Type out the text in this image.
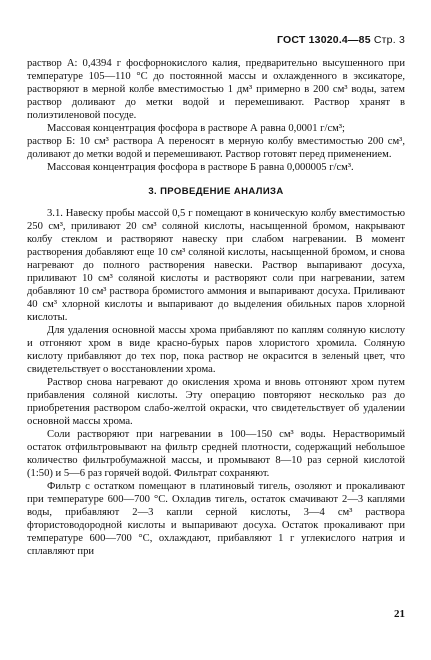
ГОСТ 13020.4—85 Стр. 3

раствор А: 0,4394 г фосфорнокислого калия, предварительно высушенного при температуре 105—110 °С до постоянной массы и охлажденного в эксикаторе, растворяют в мерной колбе вместимостью 1 дм³ примерно в 200 см³ воды, затем раствор доливают до метки водой и перемешивают. Раствор хранят в полиэтиленовой посуде.

Массовая концентрация фосфора в растворе А равна 0,0001 г/см³;

раствор Б: 10 см³ раствора А переносят в мерную колбу вместимостью 200 см³, доливают до метки водой и перемешивают. Раствор готовят перед применением.

Массовая концентрация фосфора в растворе Б равна 0,000005 г/см³.

3. ПРОВЕДЕНИЕ АНАЛИЗА

3.1. Навеску пробы массой 0,5 г помещают в коническую колбу вместимостью 250 см³, приливают 20 см³ соляной кислоты, насыщенной бромом, накрывают колбу стеклом и растворяют навеску при слабом нагревании. В момент растворения добавляют еще 10 см³ соляной кислоты, насыщенной бромом, и снова нагревают до полного растворения навески. Раствор выпаривают досуха, приливают 10 см³ соляной кислоты и растворяют соли при нагревании, затем добавляют 10 см³ раствора бромистого аммония и выпаривают досуха. Приливают 40 см³ хлорной кислоты и выпаривают до выделения обильных паров хлорной кислоты.

Для удаления основной массы хрома прибавляют по каплям соляную кислоту и отгоняют хром в виде красно-бурых паров хлористого хромила. Соляную кислоту прибавляют до тех пор, пока раствор не окрасится в зеленый цвет, что свидетельствует о восстановлении хрома.

Раствор снова нагревают до окисления хрома и вновь отгоняют хром путем прибавления соляной кислоты. Эту операцию повторяют несколько раз до приобретения раствором слабо-желтой окраски, что свидетельствует об удалении основной массы хрома.

Соли растворяют при нагревании в 100—150 см³ воды. Нерастворимый остаток отфильтровывают на фильтр средней плотности, содержащий небольшое количество фильтробумажной массы, и промывают 8—10 раз серной кислотой (1:50) и 5—6 раз горячей водой. Фильтрат сохраняют.

Фильтр с остатком помещают в платиновый тигель, озоляют и прокаливают при температуре 600—700 °С. Охладив тигель, остаток смачивают 2—3 каплями воды, прибавляют 2—3 капли серной кислоты, 3—4 см³ раствора фтористоводородной кислоты и выпаривают досуха. Остаток прокаливают при температуре 600—700 °С, охлаждают, прибавляют 1 г углекислого натрия и сплавляют при

21
